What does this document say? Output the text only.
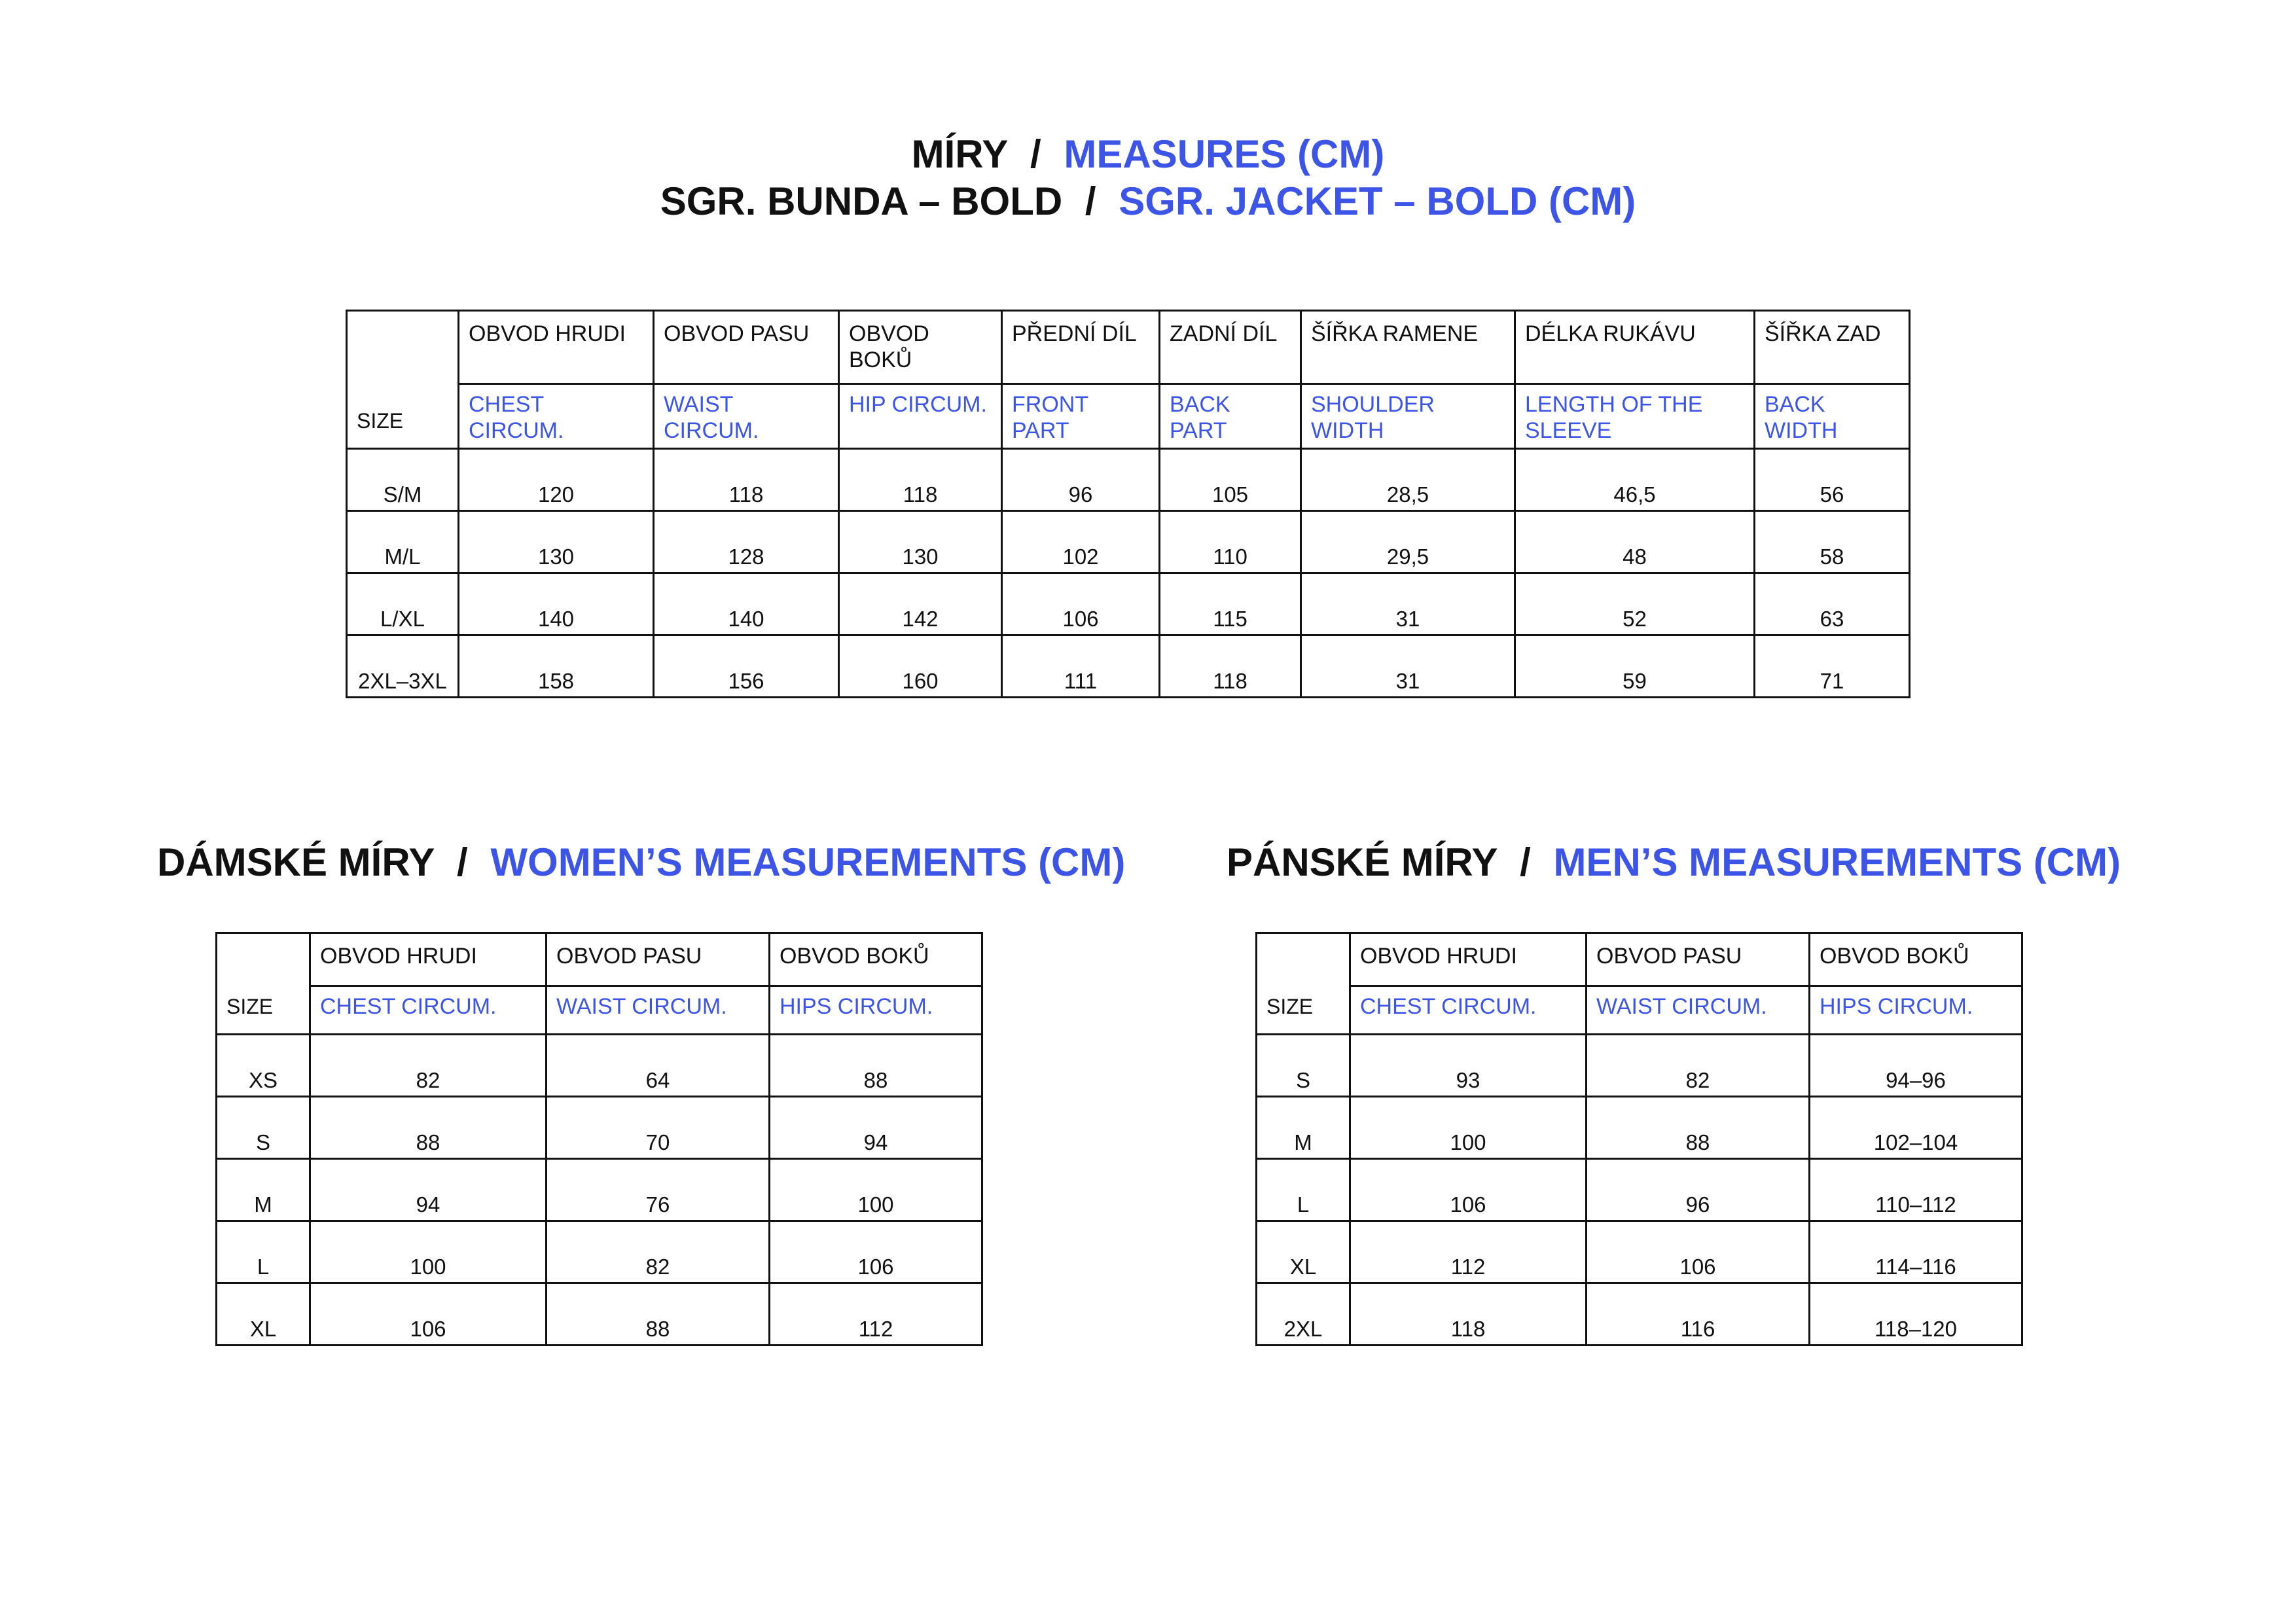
MÍRY / MEASURES (CM)
SGR. BUNDA – BOLD / SGR. JACKET – BOLD (CM)
SIZE	OBVOD HRUDI	OBVOD PASU	OBVOD BOKŮ	PŘEDNÍ DÍL	ZADNÍ DÍL	ŠÍŘKA RAMENE	DÉLKA RUKÁVU	ŠÍŘKA ZAD
	CHEST CIRCUM.	WAIST CIRCUM.	HIP CIRCUM.	FRONT PART	BACK PART	SHOULDER WIDTH	LENGTH OF THE SLEEVE	BACK WIDTH
S/M	120	118	118	96	105	28,5	46,5	56
M/L	130	128	130	102	110	29,5	48	58
L/XL	140	140	142	106	115	31	52	63
2XL–3XL	158	156	160	111	118	31	59	71
DÁMSKÉ MÍRY / WOMEN’S MEASUREMENTS (CM)
SIZE	OBVOD HRUDI	OBVOD PASU	OBVOD BOKŮ
	CHEST CIRCUM.	WAIST CIRCUM.	HIPS CIRCUM.
XS	82	64	88
S	88	70	94
M	94	76	100
L	100	82	106
XL	106	88	112
PÁNSKÉ MÍRY / MEN’S MEASUREMENTS (CM)
SIZE	OBVOD HRUDI	OBVOD PASU	OBVOD BOKŮ
	CHEST CIRCUM.	WAIST CIRCUM.	HIPS CIRCUM.
S	93	82	94–96
M	100	88	102–104
L	106	96	110–112
XL	112	106	114–116
2XL	118	116	118–120
